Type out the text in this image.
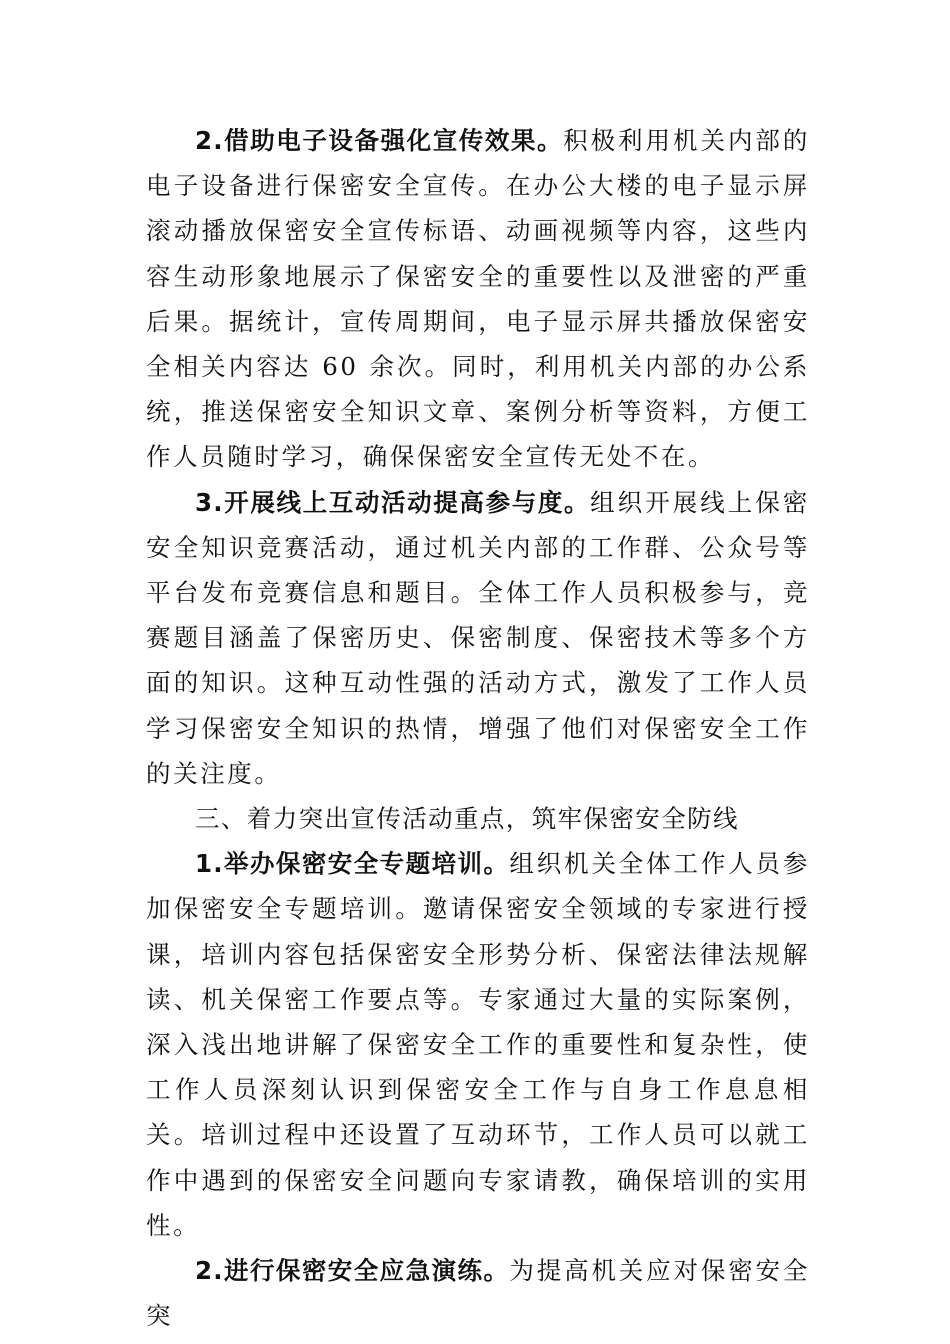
2.借助电子设备强化宣传效果。积极利用机关内部的电子设备进行保密安全宣传。在办公大楼的电子显示屏滚动播放保密安全宣传标语、动画视频等内容，这些内容生动形象地展示了保密安全的重要性以及泄密的严重后果。据统计，宣传周期间，电子显示屏共播放保密安全相关内容达 60 余次。同时，利用机关内部的办公系统，推送保密安全知识文章、案例分析等资料，方便工作人员随时学习，确保保密安全宣传无处不在。

3.开展线上互动活动提高参与度。组织开展线上保密安全知识竞赛活动，通过机关内部的工作群、公众号等平台发布竞赛信息和题目。全体工作人员积极参与，竞赛题目涵盖了保密历史、保密制度、保密技术等多个方面的知识。这种互动性强的活动方式，激发了工作人员学习保密安全知识的热情，增强了他们对保密安全工作的关注度。

三、着力突出宣传活动重点，筑牢保密安全防线

1.举办保密安全专题培训。组织机关全体工作人员参加保密安全专题培训。邀请保密安全领域的专家进行授课，培训内容包括保密安全形势分析、保密法律法规解读、机关保密工作要点等。专家通过大量的实际案例，深入浅出地讲解了保密安全工作的重要性和复杂性，使工作人员深刻认识到保密安全工作与自身工作息息相关。培训过程中还设置了互动环节，工作人员可以就工作中遇到的保密安全问题向专家请教，确保培训的实用性。

2.进行保密安全应急演练。为提高机关应对保密安全突
